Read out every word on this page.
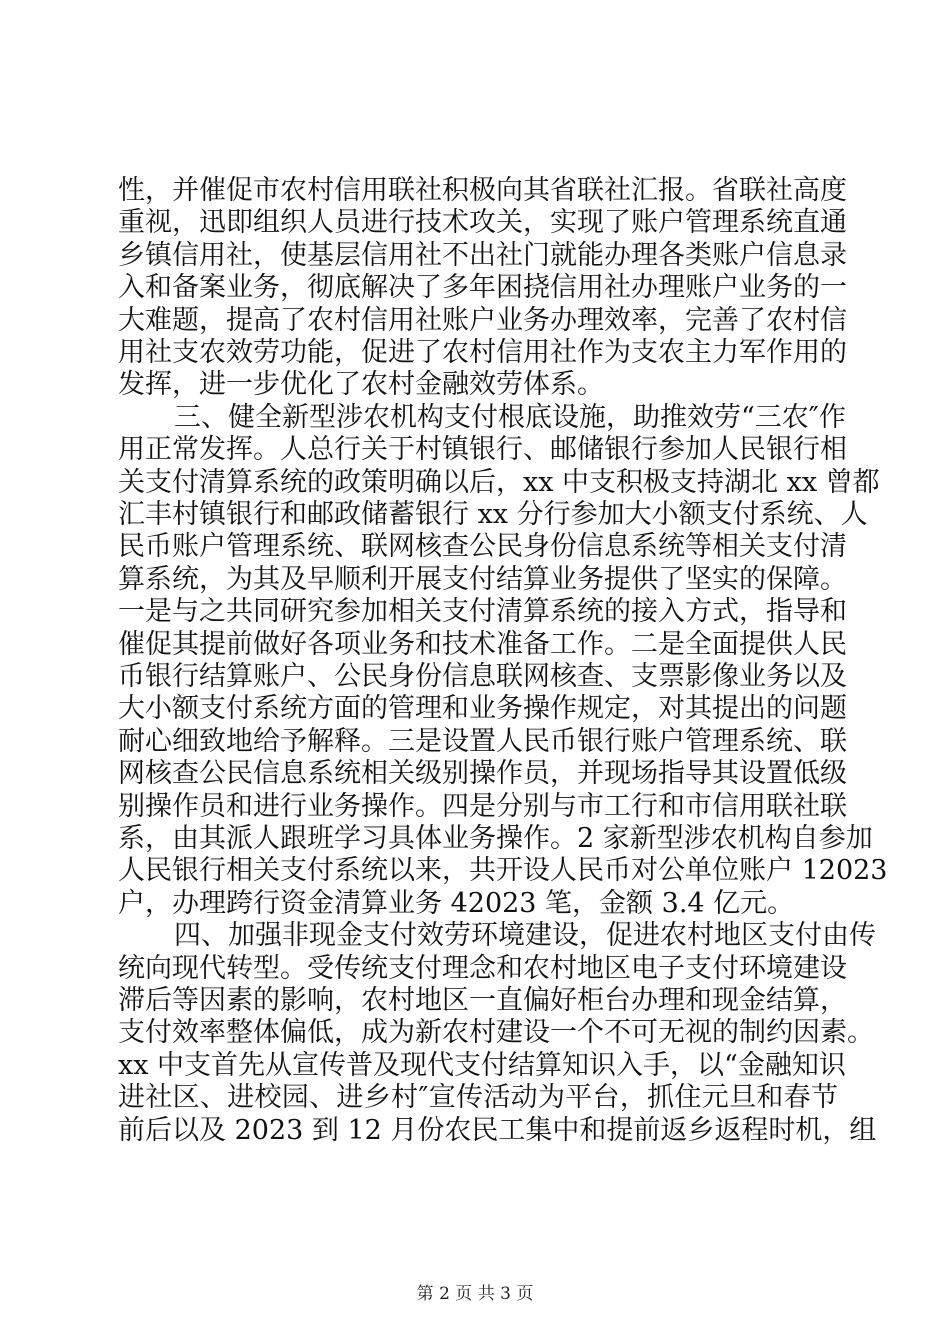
性，并催促市农村信用联社积极向其省联社汇报。省联社高度
重视，迅即组织人员进行技术攻关，实现了账户管理系统直通
乡镇信用社，使基层信用社不出社门就能办理各类账户信息录
入和备案业务，彻底解决了多年困挠信用社办理账户业务的一
大难题，提高了农村信用社账户业务办理效率，完善了农村信
用社支农效劳功能，促进了农村信用社作为支农主力军作用的
发挥，进一步优化了农村金融效劳体系。
三、健全新型涉农机构支付根底设施，助推效劳“三农″作
用正常发挥。人总行关于村镇银行、邮储银行参加人民银行相
关支付清算系统的政策明确以后，xx 中支积极支持湖北 xx 曾都
汇丰村镇银行和邮政储蓄银行 xx 分行参加大小额支付系统、人
民币账户管理系统、联网核查公民身份信息系统等相关支付清
算系统，为其及早顺利开展支付结算业务提供了坚实的保障。
一是与之共同研究参加相关支付清算系统的接入方式，指导和
催促其提前做好各项业务和技术准备工作。二是全面提供人民
币银行结算账户、公民身份信息联网核查、支票影像业务以及
大小额支付系统方面的管理和业务操作规定，对其提出的问题
耐心细致地给予解释。三是设置人民币银行账户管理系统、联
网核查公民信息系统相关级别操作员，并现场指导其设置低级
别操作员和进行业务操作。四是分别与市工行和市信用联社联
系，由其派人跟班学习具体业务操作。2 家新型涉农机构自参加
人民银行相关支付系统以来，共开设人民币对公单位账户 12023
户，办理跨行资金清算业务 42023 笔，金额 3.4 亿元。
四、加强非现金支付效劳环境建设，促进农村地区支付由传
统向现代转型。受传统支付理念和农村地区电子支付环境建设
滞后等因素的影响，农村地区一直偏好柜台办理和现金结算，
支付效率整体偏低，成为新农村建设一个不可无视的制约因素。
xx 中支首先从宣传普及现代支付结算知识入手，以“金融知识
进社区、进校园、进乡村″宣传活动为平台，抓住元旦和春节
前后以及 2023 到 12 月份农民工集中和提前返乡返程时机，组
第 2 页 共 3 页
